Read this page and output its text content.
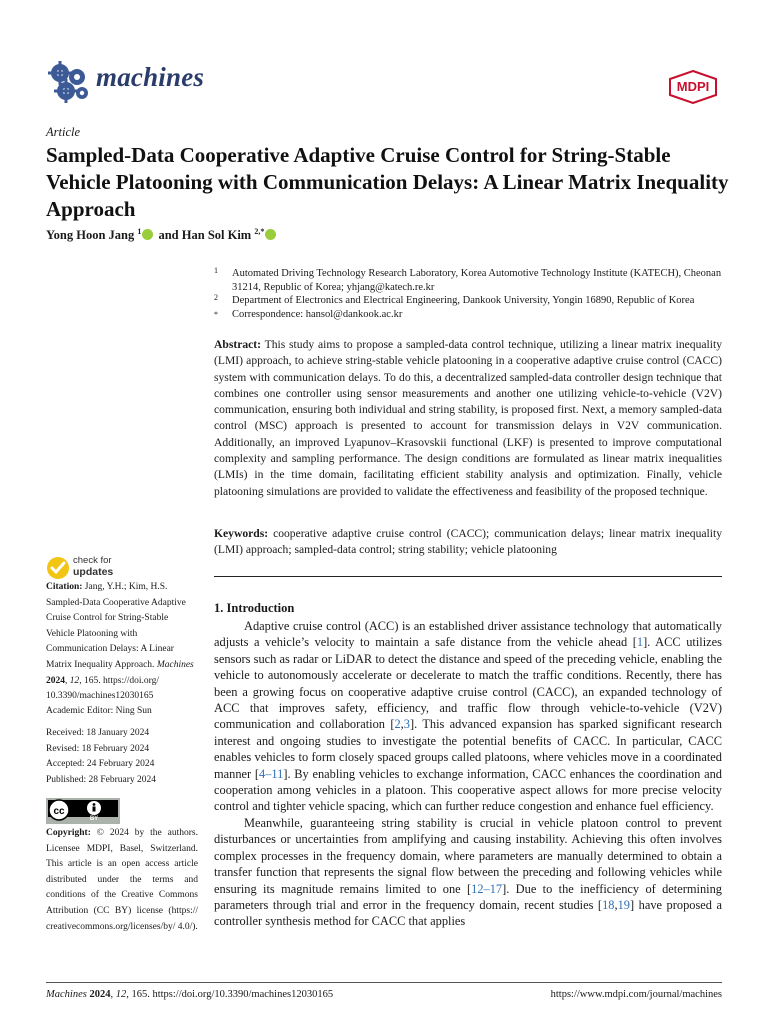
machines	MDPI
Article
Sampled-Data Cooperative Adaptive Cruise Control for String-Stable Vehicle Platooning with Communication Delays: A Linear Matrix Inequality Approach
Yong Hoon Jang $^1$ and Han Sol Kim $^{2,*}$
1	Automated Driving Technology Research Laboratory, Korea Automotive Technology Institute (KATECH), Cheonan 31214, Republic of Korea; yhjang@katech.re.kr
2	Department of Electronics and Electrical Engineering, Dankook University, Yongin 16890, Republic of Korea
*	Correspondence: hansol@dankook.ac.kr
Abstract: This study aims to propose a sampled-data control technique, utilizing a linear matrix inequality (LMI) approach, to achieve string-stable vehicle platooning in a cooperative adaptive cruise control (CACC) system with communication delays. To do this, a decentralized sampled-data controller design technique that combines one controller using sensor measurements and another one utilizing vehicle-to-vehicle (V2V) communication, ensuring both individual and string stability, is proposed first. Next, a memory sampled-data control (MSC) approach is presented to account for transmission delays in V2V communication. Additionally, an improved Lyapunov–Krasovskii functional (LKF) is presented to improve computational complexity and sampling performance. The design conditions are formulated as linear matrix inequalities (LMIs) in the time domain, facilitating efficient stability analysis and optimization. Finally, vehicle platooning simulations are provided to validate the effectiveness and feasibility of the proposed technique.
Keywords: cooperative adaptive cruise control (CACC); communication delays; linear matrix inequality (LMI) approach; sampled-data control; string stability; vehicle platooning
check for
updates
Citation: Jang, Y.H.; Kim, H.S. Sampled-Data Cooperative Adaptive Cruise Control for String-Stable Vehicle Platooning with Communication Delays: A Linear Matrix Inequality Approach. Machines 2024, 12, 165. https://doi.org/ 10.3390/machines12030165
Academic Editor: Ning Sun
Received: 18 January 2024
Revised: 18 February 2024
Accepted: 24 February 2024
Published: 28 February 2024
cc
BY
Copyright: © 2024 by the authors. Licensee MDPI, Basel, Switzerland. This article is an open access article distributed under the terms and conditions of the Creative Commons Attribution (CC BY) license (https:// creativecommons.org/licenses/by/ 4.0/).
1. Introduction

Adaptive cruise control (ACC) is an established driver assistance technology that automatically adjusts a vehicle’s velocity to maintain a safe distance from the vehicle ahead [1]. ACC utilizes sensors such as radar or LiDAR to detect the distance and speed of the preceding vehicle, enabling the vehicle to autonomously accelerate or decelerate to match the traffic conditions. Recently, there has been a growing focus on cooperative adaptive cruise control (CACC), an expanded technology of ACC that improves safety, efficiency, and traffic flow through vehicle-to-vehicle (V2V) communication and collaboration [2,3]. This advanced expansion has sparked significant research interest and ongoing studies to investigate the potential benefits of CACC. In particular, CACC enables vehicles to form closely spaced groups called platoons, where vehicles move in a coordinated manner [4–11]. By enabling vehicles to exchange information, CACC enhances the coordination and cooperation among vehicles in a platoon. This cooperative aspect allows for more precise velocity control and tighter vehicle spacing, which can further reduce congestion and enhance fuel efficiency.

Meanwhile, guaranteeing string stability is crucial in vehicle platoon control to prevent disturbances or uncertainties from amplifying and causing instability. Achieving this often involves complex processes in the frequency domain, where parameters are manually determined to obtain a transfer function that represents the signal flow between the preceding and following vehicles while ensuring its magnitude remains limited to one [12–17]. Due to the inefficiency of determining parameters through trial and error in the frequency domain, recent studies [18,19] have proposed a controller synthesis method for CACC that applies

Machines 2024, 12, 165. https://doi.org/10.3390/machines12030165	https://www.mdpi.com/journal/machines
